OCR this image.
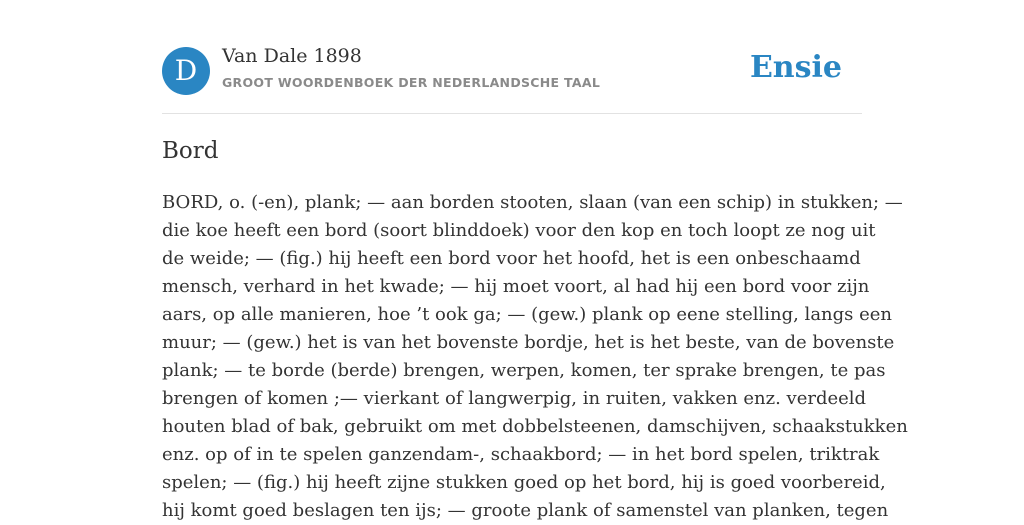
D	Van Dale 1898
GROOT WOORDENBOEK DER NEDERLANDSCHE TAAL	Ensie
Bord
BORD, o. (-en), plank; — aan borden stooten, slaan (van een schip) in stukken; —
die koe heeft een bord (soort blinddoek) voor den kop en toch loopt ze nog uit
de weide; — (fig.) hij heeft een bord voor het hoofd, het is een onbeschaamd
mensch, verhard in het kwade; — hij moet voort, al had hij een bord voor zijn
aars, op alle manieren, hoe ’t ook ga; — (gew.) plank op eene stelling, langs een
muur; — (gew.) het is van het bovenste bordje, het is het beste, van de bovenste
plank; — te borde (berde) brengen, werpen, komen, ter sprake brengen, te pas
brengen of komen ;— vierkant of langwerpig, in ruiten, vakken enz. verdeeld
houten blad of bak, gebruikt om met dobbelsteenen, damschijven, schaakstukken
enz. op of in te spelen ganzendam-, schaakbord; — in het bord spelen, triktrak
spelen; — (fig.) hij heeft zijne stukken goed op het bord, hij is goed voorbereid,
hij komt goed beslagen ten ijs; — groote plank of samenstel van planken, tegen
